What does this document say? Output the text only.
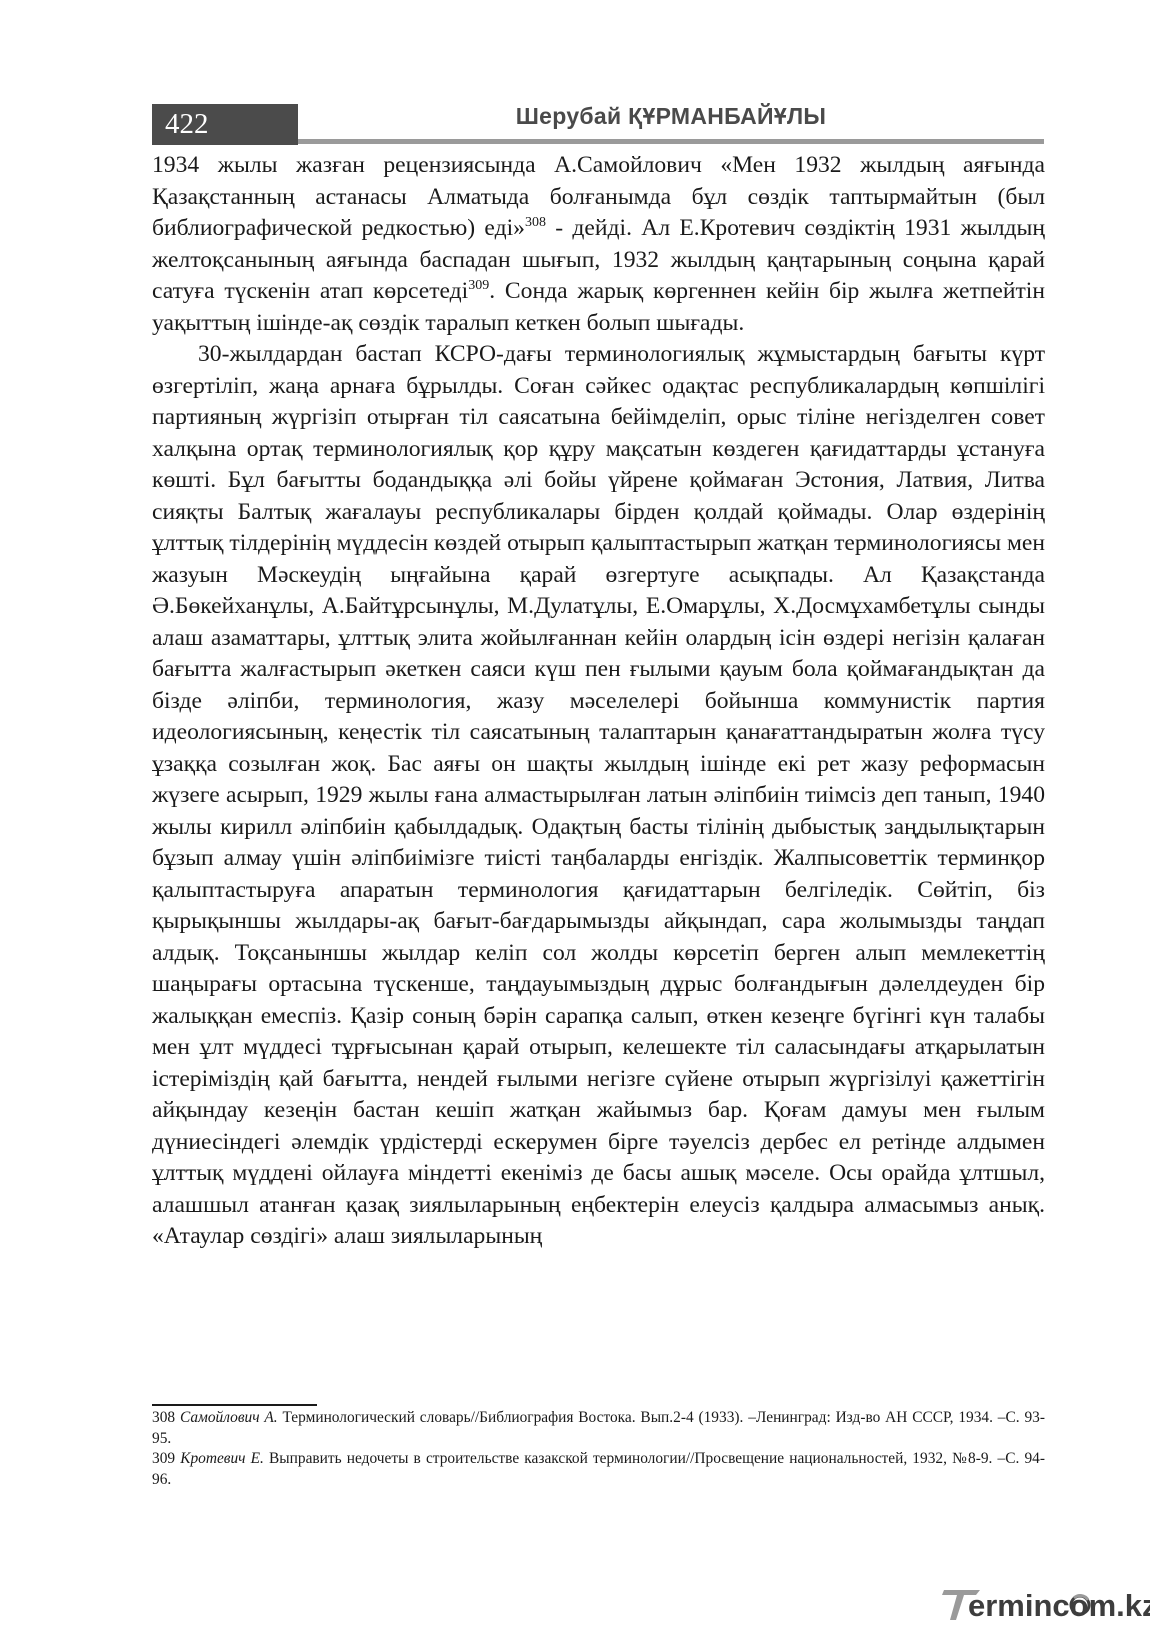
422	Шерубай ҚҰРМАНБАЙҰЛЫ

1934 жылы жазған рецензиясында А.Самойлович «Мен 1932 жылдың аяғында Қазақстанның астанасы Алматыда болғанымда бұл сөздік таптырмайтын (был библиографической редкостью) еді»$^{308}$ - дейді. Ал Е.Кротевич сөздіктің 1931 жылдың желтоқсанының аяғында баспадан шығып, 1932 жылдың қаңтарының соңына қарай сатуға түскенін атап көрсетеді$^{309}$. Сонда жарық көргеннен кейін бір жылға жетпейтін уақыттың ішінде-ақ сөздік таралып кеткен болып шығады.

30-жылдардан бастап КСРО-дағы терминологиялық жұмыстардың бағыты күрт өзгертіліп, жаңа арнаға бұрылды. Соған сәйкес одақтас республикалардың көпшілігі партияның жүргізіп отырған тіл саясатына бейімделіп, орыс тіліне негізделген совет халқына ортақ терминологиялық қор құру мақсатын көздеген қағидаттарды ұстануға көшті. Бұл бағытты бодандыққа әлі бойы үйрене қоймаған Эстония, Латвия, Литва сияқты Балтық жағалауы республикалары бірден қолдай қоймады. Олар өздерінің ұлттық тілдерінің мүддесін көздей отырып қалыптастырып жатқан терминологиясы мен жазуын Мәскеудің ыңғайына қарай өзгертуге асықпады. Ал Қазақстанда Ә.Бөкейханұлы, А.Байтұрсынұлы, М.Дулатұлы, Е.Омарұлы, Х.Досмұхамбетұлы сынды алаш азаматтары, ұлттық элита жойылғаннан кейін олардың ісін өздері негізін қалаған бағытта жалғастырып әкеткен саяси күш пен ғылыми қауым бола қоймағандықтан да бізде әліпби, терминология, жазу мәселелері бойынша коммунистік партия идеологиясының, кеңестік тіл саясатының талаптарын қанағаттандыратын жолға түсу ұзаққа созылған жоқ. Бас аяғы он шақты жылдың ішінде екі рет жазу реформасын жүзеге асырып, 1929 жылы ғана алмастырылған латын әліпбиін тиімсіз деп танып, 1940 жылы кирилл әліпбиін қабылдадық. Одақтың басты тілінің дыбыстық заңдылықтарын бұзып алмау үшін әліпбиімізге тиісті таңбаларды енгіздік. Жалпысоветтік терминқор қалыптастыруға апаратын терминология қағидаттарын белгіледік. Сөйтіп, біз қырықыншы жылдары-ақ бағыт-бағдарымызды айқындап, сара жолымызды таңдап алдық. Тоқсаныншы жылдар келіп сол жолды көрсетіп берген алып мемлекеттің шаңырағы ортасына түскенше, таңдауымыздың дұрыс болғандығын дәлелдеуден бір жалыққан емеспіз. Қазір соның бәрін сарапқа салып, өткен кезеңге бүгінгі күн талабы мен ұлт мүддесі тұрғысынан қарай отырып, келешекте тіл саласындағы атқарылатын істеріміздің қай бағытта, нендей ғылыми негізге сүйене отырып жүргізілуі қажеттігін айқындау кезеңін бастан кешіп жатқан жайымыз бар. Қоғам дамуы мен ғылым дүниесіндегі әлемдік үрдістерді ескерумен бірге тәуелсіз дербес ел ретінде алдымен ұлттық мүддені ойлауға міндетті екеніміз де басы ашық мәселе. Осы орайда ұлтшыл, алашшыл атанған қазақ зиялыларының еңбектерін елеусіз қалдыра алмасымыз анық. «Атаулар сөздігі» алаш зиялыларының

308 Самойлович А. Терминологический словарь//Библиография Востока. Вып.2-4 (1933). –Ленинград: Изд-во АН СССР, 1934. –С. 93-95.

309 Кротевич Е. Выправить недочеты в строительстве казакской терминологии//Просвещение национальностей, 1932, №8-9. –С. 94-96.

ermincom.kz
